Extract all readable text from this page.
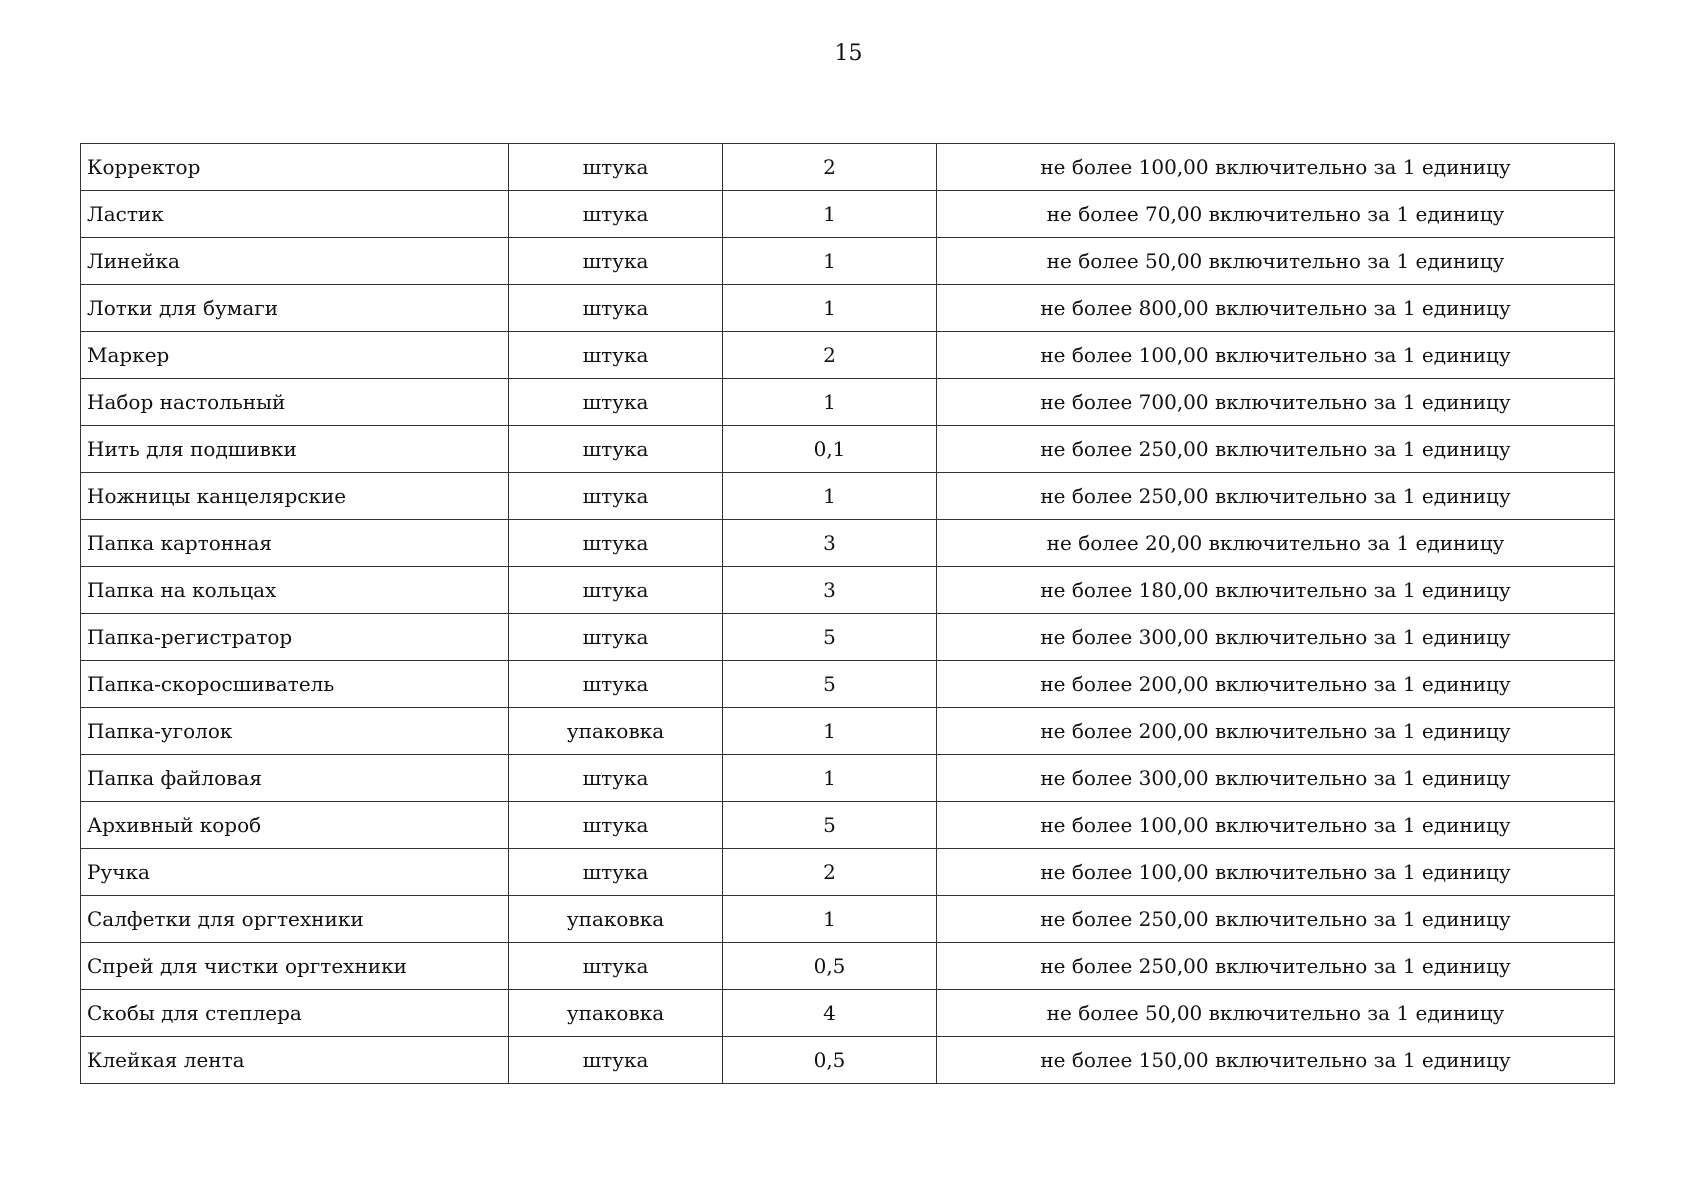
15
Корректор	штука	2	не более 100,00 включительно за 1 единицу
Ластик	штука	1	не более 70,00 включительно за 1 единицу
Линейка	штука	1	не более 50,00 включительно за 1 единицу
Лотки для бумаги	штука	1	не более 800,00 включительно за 1 единицу
Маркер	штука	2	не более 100,00 включительно за 1 единицу
Набор настольный	штука	1	не более 700,00 включительно за 1 единицу
Нить для подшивки	штука	0,1	не более 250,00 включительно за 1 единицу
Ножницы канцелярские	штука	1	не более 250,00 включительно за 1 единицу
Папка картонная	штука	3	не более 20,00 включительно за 1 единицу
Папка на кольцах	штука	3	не более 180,00 включительно за 1 единицу
Папка-регистратор	штука	5	не более 300,00 включительно за 1 единицу
Папка-скоросшиватель	штука	5	не более 200,00 включительно за 1 единицу
Папка-уголок	упаковка	1	не более 200,00 включительно за 1 единицу
Папка файловая	штука	1	не более 300,00 включительно за 1 единицу
Архивный короб	штука	5	не более 100,00 включительно за 1 единицу
Ручка	штука	2	не более 100,00 включительно за 1 единицу
Салфетки для оргтехники	упаковка	1	не более 250,00 включительно за 1 единицу
Спрей для чистки оргтехники	штука	0,5	не более 250,00 включительно за 1 единицу
Скобы для степлера	упаковка	4	не более 50,00 включительно за 1 единицу
Клейкая лента	штука	0,5	не более 150,00 включительно за 1 единицу
